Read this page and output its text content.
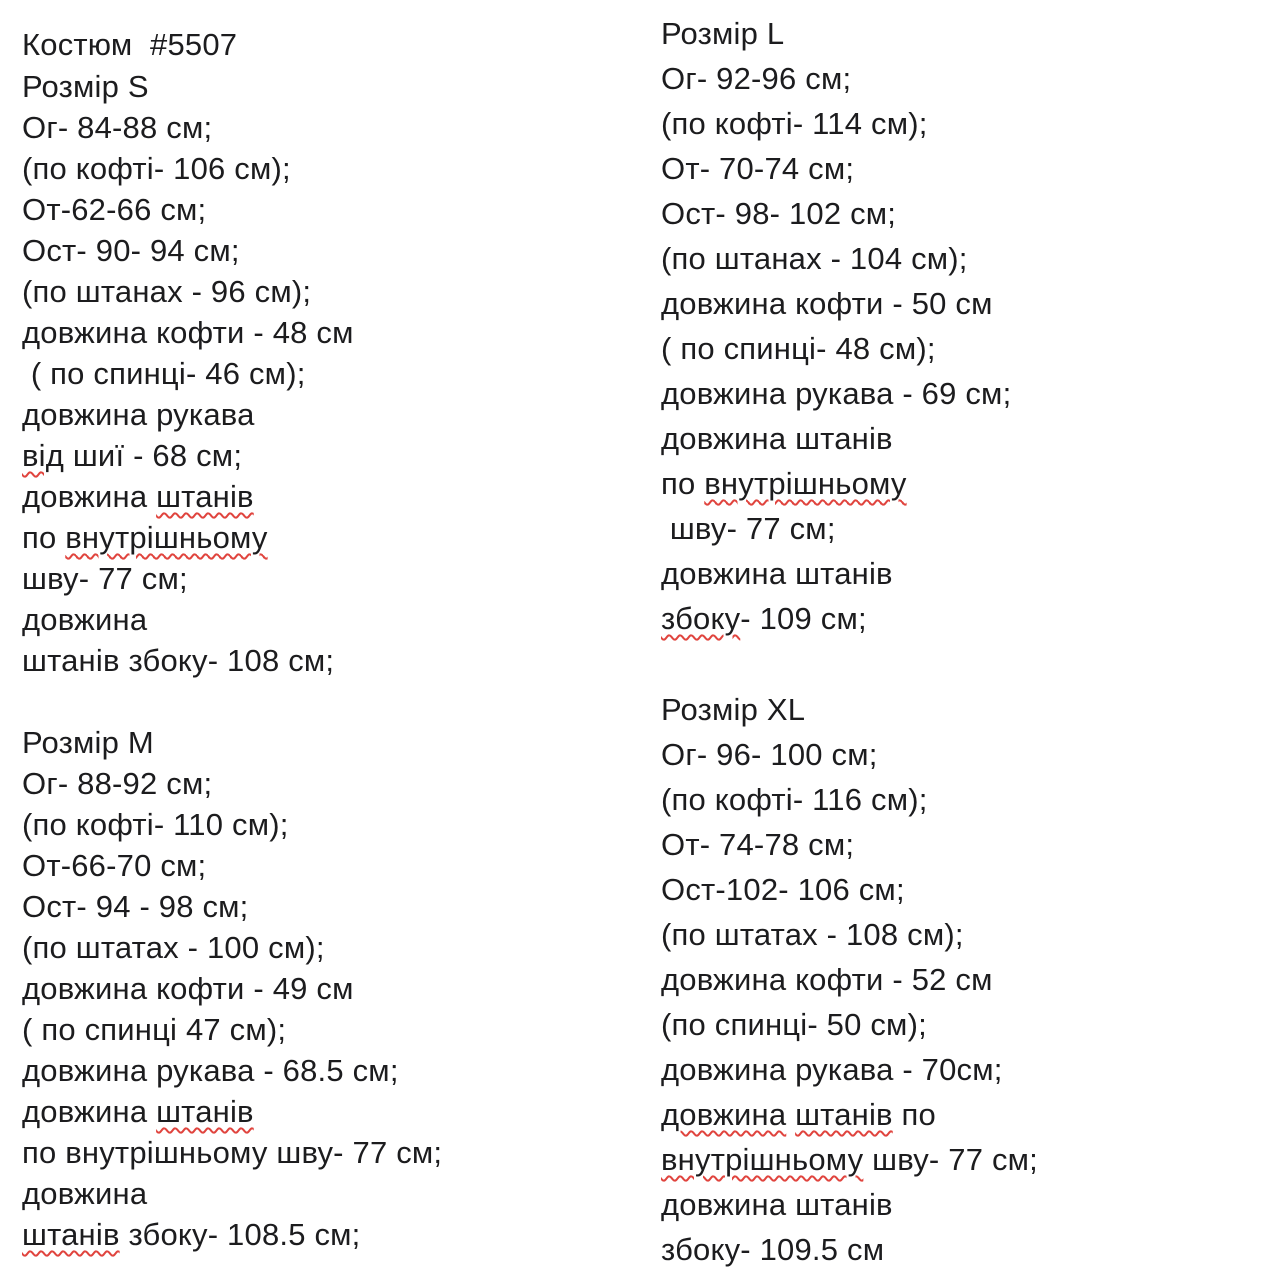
Костюм  #5507
Розмір S
Ог- 84-88 см;
(по кофті- 106 см);
От-62-66 см;
Ост- 90- 94 см;
(по штанах - 96 см);
довжина кофти - 48 см
( по спинці- 46 см);
довжина рукава
від шиї - 68 см;
довжина штанів
по внутрішньому
шву- 77 см;
довжина
штанів збоку- 108 см;
Розмір M
Ог- 88-92 см;
(по кофті- 110 см);
От-66-70 см;
Ост- 94 - 98 см;
(по штатах - 100 см);
довжина кофти - 49 см
( по спинці 47 см);
довжина рукава - 68.5 см;
довжина штанів
по внутрішньому шву- 77 см;
довжина
штанів збоку- 108.5 см;
Розмір L
Ог- 92-96 см;
(по кофті- 114 см);
От- 70-74 см;
Ост- 98- 102 см;
(по штанах - 104 см);
довжина кофти - 50 см
( по спинці- 48 см);
довжина рукава - 69 см;
довжина штанів
по внутрішньому
шву- 77 см;
довжина штанів
збоку- 109 см;
Розмір XL
Ог- 96- 100 см;
(по кофті- 116 см);
От- 74-78 см;
Ост-102- 106 см;
(по штатах - 108 см);
довжина кофти - 52 см
(по спинці- 50 см);
довжина рукава - 70см;
довжина штанів по
внутрішньому шву- 77 см;
довжина штанів
збоку- 109.5 см
